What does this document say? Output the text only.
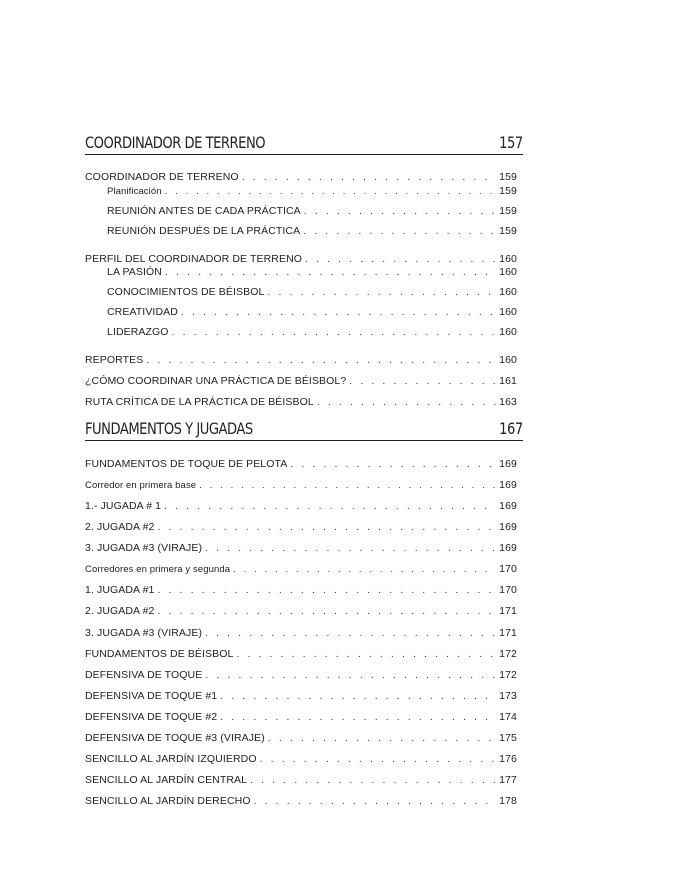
COORDINADOR DE TERRENO	157
COORDINADOR DE TERRENO . . .	159
Planificación . . .	159
REUNIÓN ANTES DE CADA PRÁCTICA . . .	159
REUNIÓN DESPUÉS DE LA PRÁCTICA . . .	159
PERFIL DEL COORDINADOR DE TERRENO . . .	160
LA PASIÓN . . .	160
CONOCIMIENTOS DE BÉISBOL . . .	160
CREATIVIDAD . . .	160
LIDERAZGO . . .	160
REPORTES . . .	160
¿CÓMO COORDINAR UNA PRÁCTICA DE BÉISBOL? . . .	161
RUTA CRÍTICA DE LA PRÁCTICA DE BÉISBOL . . .	163
FUNDAMENTOS Y JUGADAS	167
FUNDAMENTOS DE TOQUE DE PELOTA . . .	169
Corredor en primera base . . .	169
1.- JUGADA # 1 . . .	169
2. JUGADA #2 . . .	169
3. JUGADA #3 (VIRAJE) . . .	169
Corredores en primera y segunda . . .	170
1. JUGADA #1 . . .	170
2. JUGADA #2 . . .	171
3. JUGADA #3 (VIRAJE) . . .	171
FUNDAMENTOS DE BÉISBOL . . .	172
DEFENSIVA DE TOQUE . . .	172
DEFENSIVA DE TOQUE #1 . . .	173
DEFENSIVA DE TOQUE #2 . . .	174
DEFENSIVA DE TOQUE #3 (VIRAJE) . . .	175
SENCILLO AL JARDÍN IZQUIERDO . . .	176
SENCILLO AL JARDÍN CENTRAL . . .	177
SENCILLO AL JARDÍN DERECHO . . .	178
